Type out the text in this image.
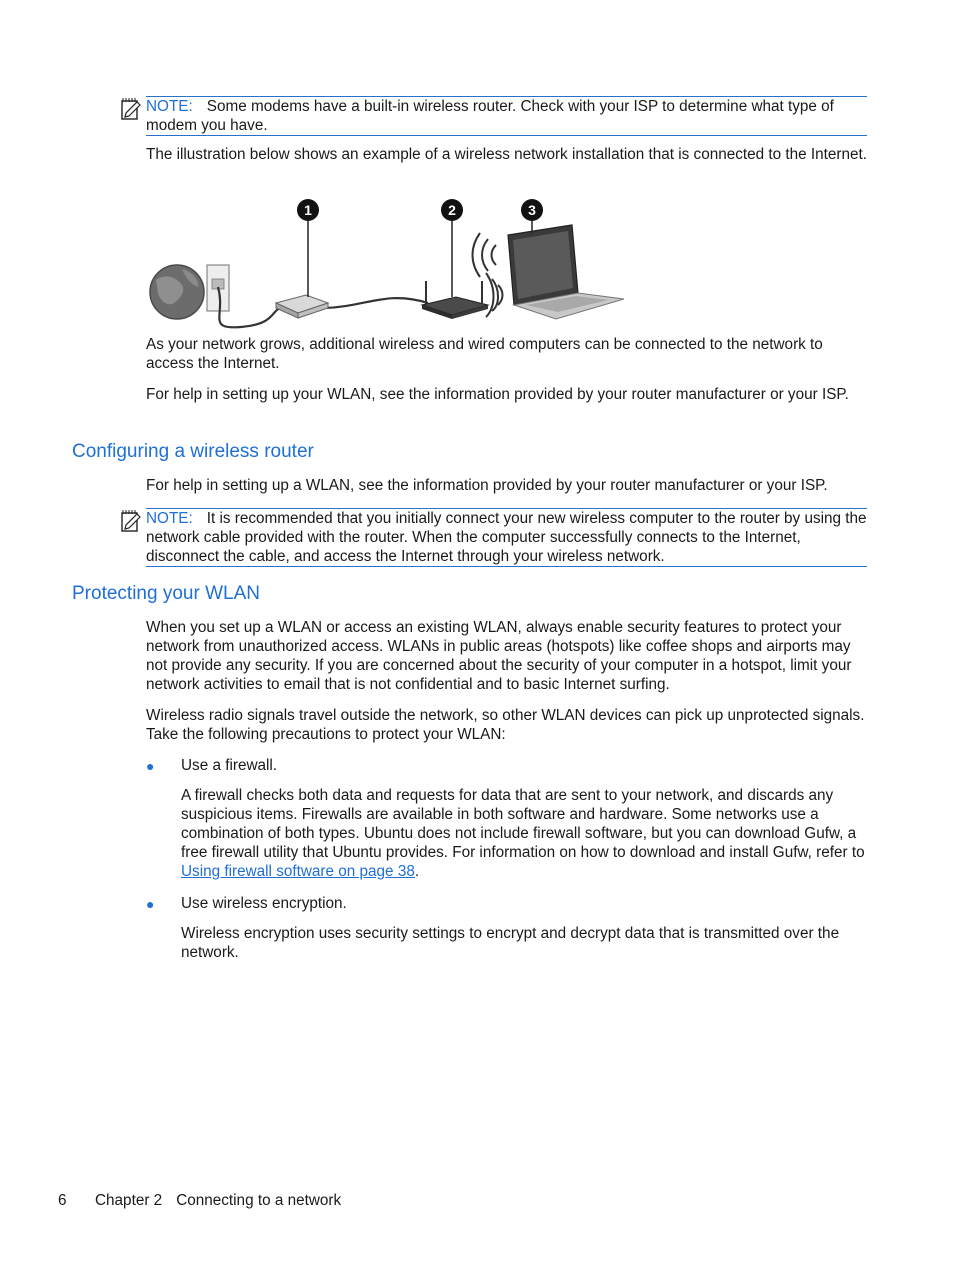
NOTE: Some modems have a built-in wireless router. Check with your ISP to determine what type of modem you have.

The illustration below shows an example of a wireless network installation that is connected to the Internet.

1	2	3

As your network grows, additional wireless and wired computers can be connected to the network to access the Internet.

For help in setting up your WLAN, see the information provided by your router manufacturer or your ISP.

Configuring a wireless router

For help in setting up a WLAN, see the information provided by your router manufacturer or your ISP.

NOTE: It is recommended that you initially connect your new wireless computer to the router by using the network cable provided with the router. When the computer successfully connects to the Internet, disconnect the cable, and access the Internet through your wireless network.

Protecting your WLAN

When you set up a WLAN or access an existing WLAN, always enable security features to protect your network from unauthorized access. WLANs in public areas (hotspots) like coffee shops and airports may not provide any security. If you are concerned about the security of your computer in a hotspot, limit your network activities to email that is not confidential and to basic Internet surfing.

Wireless radio signals travel outside the network, so other WLAN devices can pick up unprotected signals. Take the following precautions to protect your WLAN:

● Use a firewall.

A firewall checks both data and requests for data that are sent to your network, and discards any suspicious items. Firewalls are available in both software and hardware. Some networks use a combination of both types. Ubuntu does not include firewall software, but you can download Gufw, a free firewall utility that Ubuntu provides. For information on how to download and install Gufw, refer to Using firewall software on page 38.

● Use wireless encryption.

Wireless encryption uses security settings to encrypt and decrypt data that is transmitted over the network.

6 Chapter 2 Connecting to a network
